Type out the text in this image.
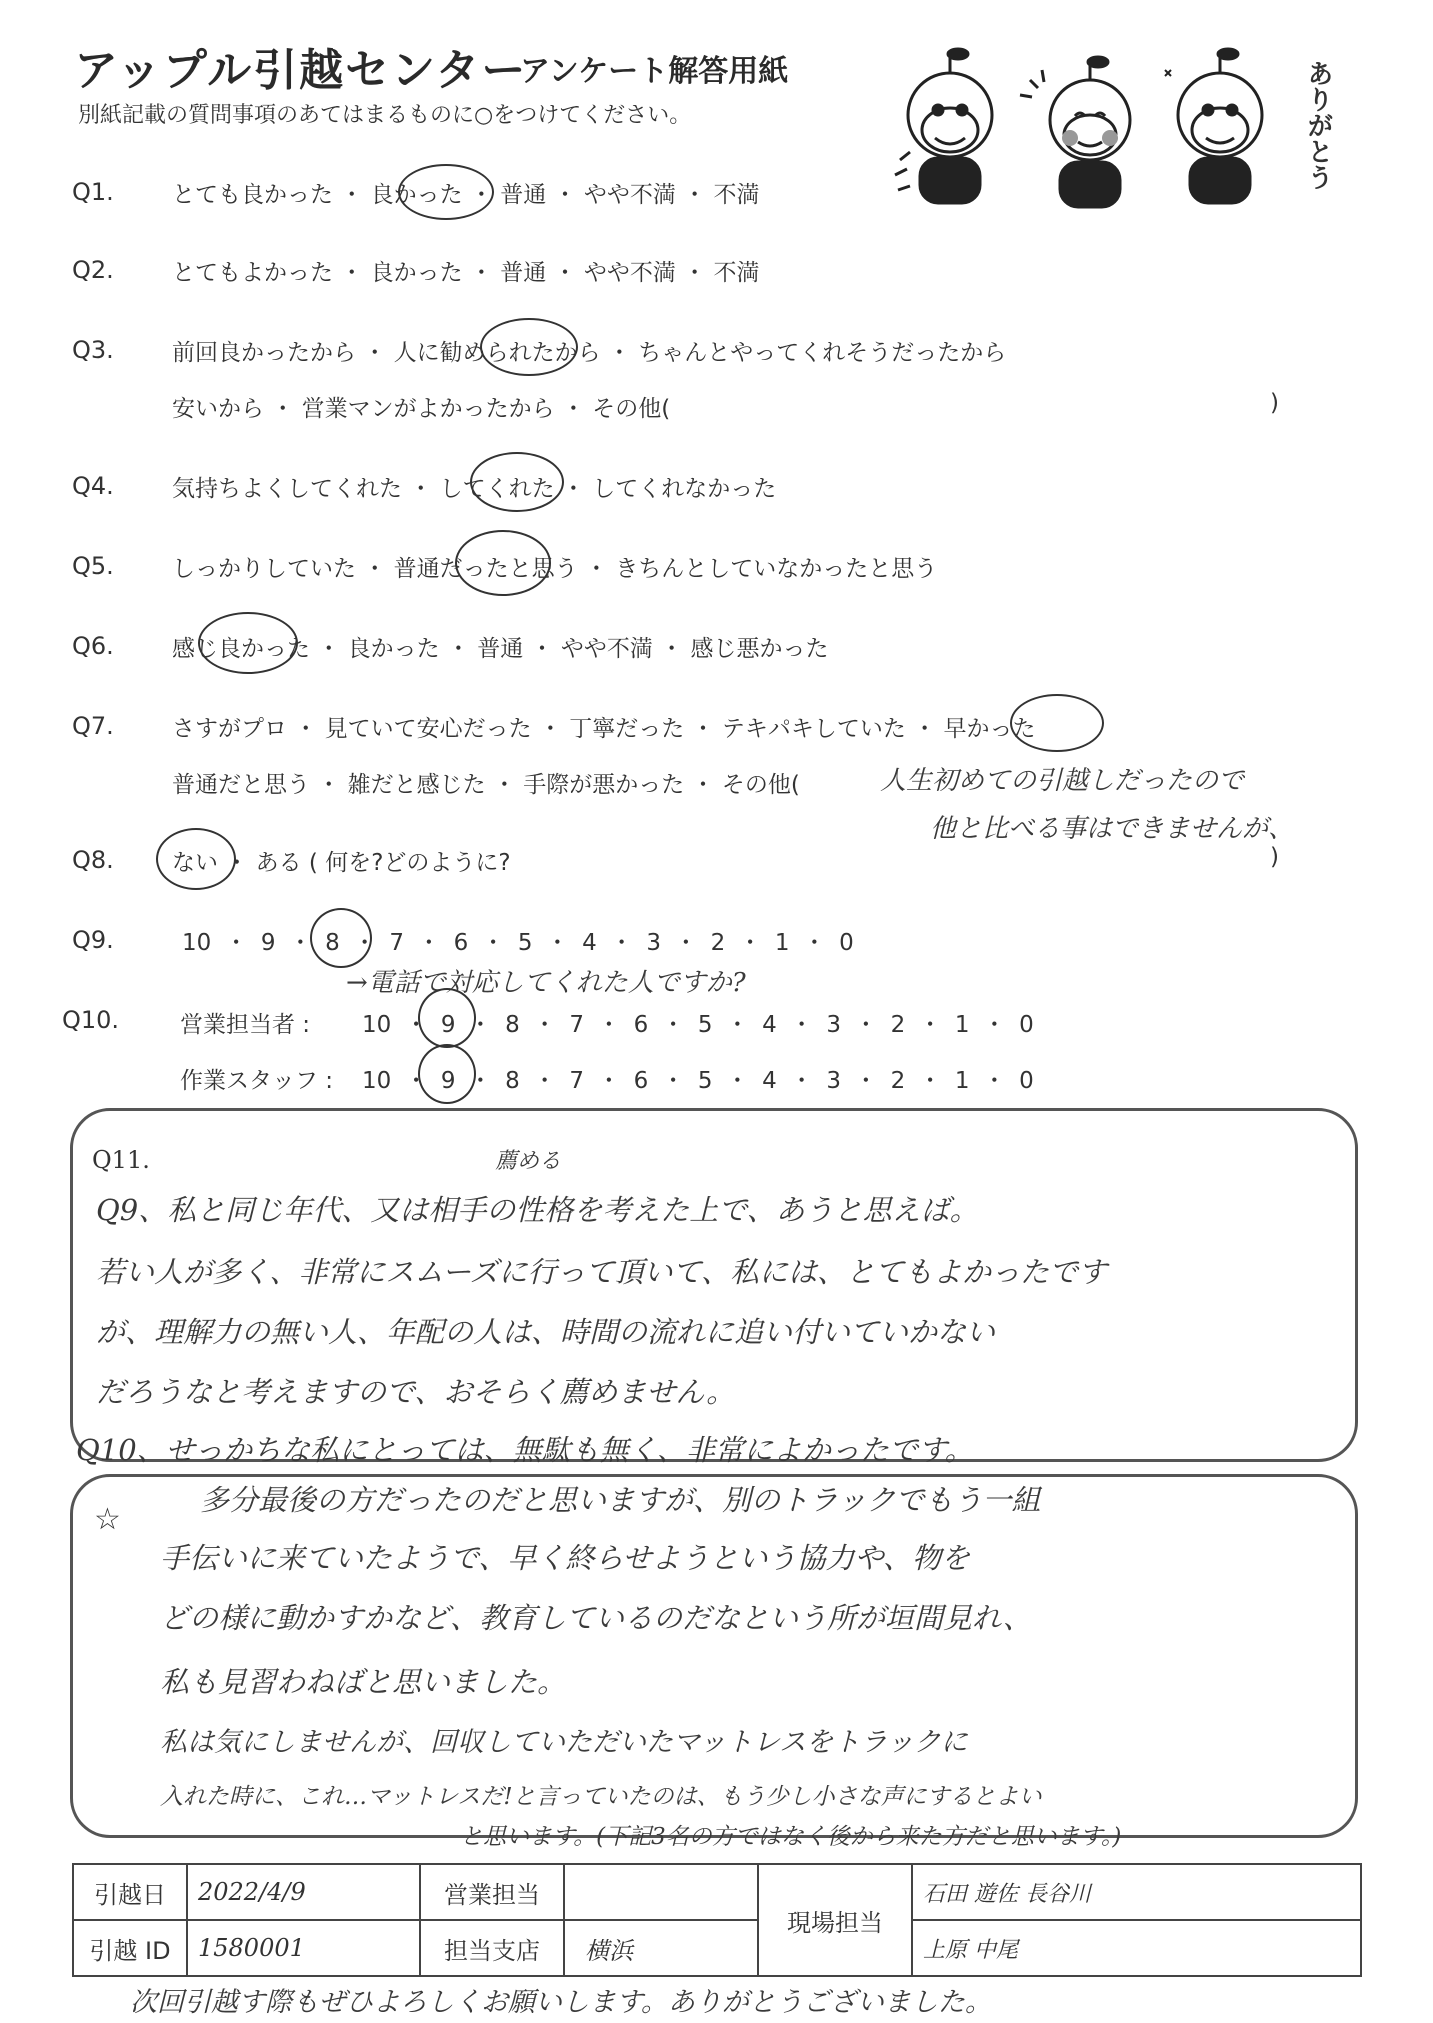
アップル引越センター
アンケート解答用紙
別紙記載の質問事項のあてはまるものに○をつけてください。	ありがとう
Q1.	とても良かった ・ 良かった ・ 普通 ・ やや不満 ・ 不満
Q2.	とてもよかった ・ 良かった ・ 普通 ・ やや不満 ・ 不満
Q3.	前回良かったから ・ 人に勧められたから ・ ちゃんとやってくれそうだったから
安いから ・ 営業マンがよかったから ・ その他(	)
Q4.	気持ちよくしてくれた ・ してくれた ・ してくれなかった
Q5.	しっかりしていた ・ 普通だったと思う ・ きちんとしていなかったと思う
Q6.	感じ良かった ・ 良かった ・ 普通 ・ やや不満 ・ 感じ悪かった
Q7.	さすがプロ ・ 見ていて安心だった ・ 丁寧だった ・ テキパキしていた ・ 早かった
普通だと思う ・ 雑だと感じた ・ 手際が悪かった ・ その他(	人生初めての引越しだったので
他と比べる事はできませんが、
Q8.	ない ・ ある ( 何を?どのように?	)
Q9.	10 ・ 9 ・ 8 ・ 7 ・ 6 ・ 5 ・ 4 ・ 3 ・ 2 ・ 1 ・ 0
→電話で対応してくれた人ですか?
Q10.	営業担当者 : 10 ・ 9 ・ 8 ・ 7 ・ 6 ・ 5 ・ 4 ・ 3 ・ 2 ・ 1 ・ 0
作業スタッフ : 10 ・ 9 ・ 8 ・ 7 ・ 6 ・ 5 ・ 4 ・ 3 ・ 2 ・ 1 ・ 0
Q11.	薦める
Q9、私と同じ年代、又は相手の性格を考えた上で、あうと思えば。
若い人が多く、非常にスムーズに行って頂いて、私には、とてもよかったです
が、理解力の無い人、年配の人は、時間の流れに追い付いていかない
だろうなと考えますので、おそらく薦めません。
Q10、せっかちな私にとっては、無駄も無く、非常によかったです。
☆
多分最後の方だったのだと思いますが、別のトラックでもう一組
手伝いに来ていたようで、早く終らせようという協力や、物を
どの様に動かすかなど、教育しているのだなという所が垣間見れ、
私も見習わねばと思いました。
私は気にしませんが、回収していただいたマットレスをトラックに
入れた時に、これ…マットレスだ!と言っていたのは、もう少し小さな声にするとよい
と思います。(下記3名の方ではなく後から来た方だと思います。)
引越日	2022/4/9	営業担当		現場担当	石田 遊佐 長谷川
引越 ID	1580001	担当支店	横浜		上原 中尾
次回引越す際もぜひよろしくお願いします。ありがとうございました。
